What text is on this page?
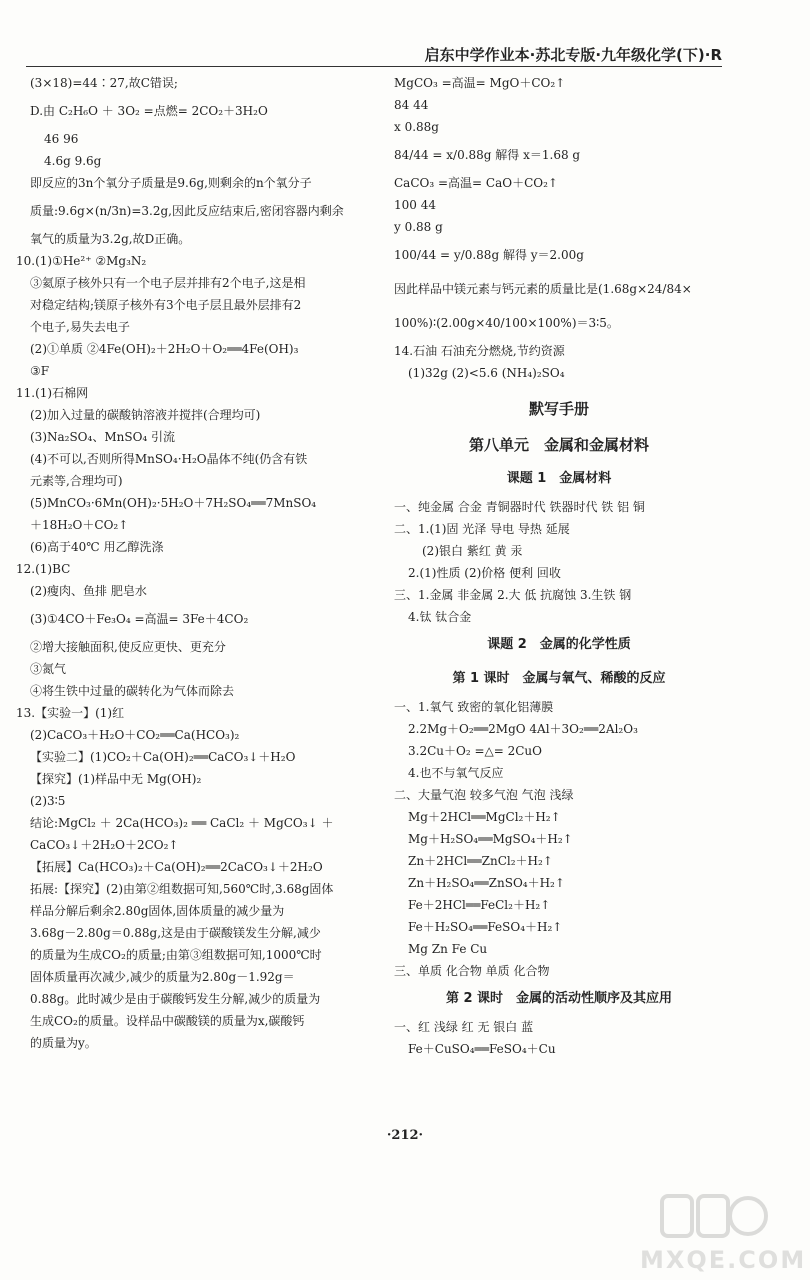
启东中学作业本·苏北专版·九年级化学(下)·R

(3×18)=44∶27,故C错误;

D.由 C₂H₆O ＋ 3O₂ =点燃= 2CO₂＋3H₂O

46 96

4.6g 9.6g

即反应的3n个氧分子质量是9.6g,则剩余的n个氧分子

质量:9.6g×(n/3n)=3.2g,因此反应结束后,密闭容器内剩余

氧气的质量为3.2g,故D正确。

10.(1)①He²⁺ ②Mg₃N₂

③氦原子核外只有一个电子层并排有2个电子,这是相

对稳定结构;镁原子核外有3个电子层且最外层排有2

个电子,易失去电子

(2)①单质 ②4Fe(OH)₂＋2H₂O＋O₂══4Fe(OH)₃

③F

11.(1)石棉网

(2)加入过量的碳酸钠溶液并搅拌(合理均可)

(3)Na₂SO₄、MnSO₄ 引流

(4)不可以,否则所得MnSO₄·H₂O晶体不纯(仍含有铁

元素等,合理均可)

(5)MnCO₃·6Mn(OH)₂·5H₂O＋7H₂SO₄══7MnSO₄

＋18H₂O＋CO₂↑

(6)高于40℃ 用乙醇洗涤

12.(1)BC

(2)瘦肉、鱼排 肥皂水

(3)①4CO＋Fe₃O₄ =高温= 3Fe＋4CO₂

②增大接触面积,使反应更快、更充分

③氮气

④将生铁中过量的碳转化为气体而除去

13.【实验一】(1)红

(2)CaCO₃＋H₂O＋CO₂══Ca(HCO₃)₂

【实验二】(1)CO₂＋Ca(OH)₂══CaCO₃↓＋H₂O

【探究】(1)样品中无 Mg(OH)₂

(2)3∶5

结论:MgCl₂ ＋ 2Ca(HCO₃)₂ ══ CaCl₂ ＋ MgCO₃↓ ＋

CaCO₃↓＋2H₂O＋2CO₂↑

【拓展】Ca(HCO₃)₂＋Ca(OH)₂══2CaCO₃↓＋2H₂O

拓展:【探究】(2)由第②组数据可知,560℃时,3.68g固体

样品分解后剩余2.80g固体,固体质量的减少量为

3.68g－2.80g＝0.88g,这是由于碳酸镁发生分解,减少

的质量为生成CO₂的质量;由第③组数据可知,1000℃时

固体质量再次减少,减少的质量为2.80g－1.92g＝

0.88g。此时减少是由于碳酸钙发生分解,减少的质量为

生成CO₂的质量。设样品中碳酸镁的质量为x,碳酸钙

的质量为y。

MgCO₃ =高温= MgO＋CO₂↑

84 44

x 0.88g

84/44 = x/0.88g 解得 x＝1.68 g

CaCO₃ =高温= CaO＋CO₂↑

100 44

y 0.88 g

100/44 = y/0.88g 解得 y＝2.00g

因此样品中镁元素与钙元素的质量比是(1.68g×24/84×

100%)∶(2.00g×40/100×100%)＝3∶5。

14.石油 石油充分燃烧,节约资源

(1)32g (2)<5.6 (NH₄)₂SO₄

默写手册
第八单元　金属和金属材料
课题 1　金属材料

一、纯金属 合金 青铜器时代 铁器时代 铁 铝 铜

二、1.(1)固 光泽 导电 导热 延展

(2)银白 紫红 黄 汞

2.(1)性质 (2)价格 便利 回收

三、1.金属 非金属 2.大 低 抗腐蚀 3.生铁 钢

4.钛 钛合金

课题 2　金属的化学性质
第 1 课时　金属与氧气、稀酸的反应

一、1.氧气 致密的氧化铝薄膜

2.2Mg＋O₂══2MgO 4Al＋3O₂══2Al₂O₃

3.2Cu＋O₂ =△= 2CuO

4.也不与氧气反应

二、大量气泡 较多气泡 气泡 浅绿

Mg＋2HCl══MgCl₂＋H₂↑

Mg＋H₂SO₄══MgSO₄＋H₂↑

Zn＋2HCl══ZnCl₂＋H₂↑

Zn＋H₂SO₄══ZnSO₄＋H₂↑

Fe＋2HCl══FeCl₂＋H₂↑

Fe＋H₂SO₄══FeSO₄＋H₂↑

Mg Zn Fe Cu

三、单质 化合物 单质 化合物

第 2 课时　金属的活动性顺序及其应用

一、红 浅绿 红 无 银白 蓝

Fe＋CuSO₄══FeSO₄＋Cu

·212·
MXQE.COM
